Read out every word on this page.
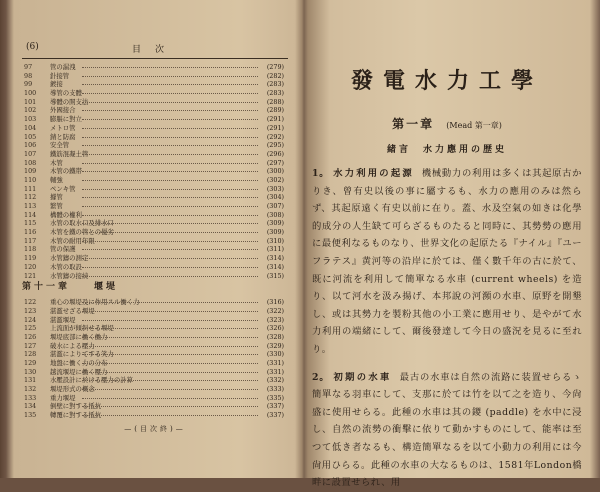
(6)	目次
97	管の漏洩	(279)
98	針接管	(282)
99	鍍接	(283)
100	導管の支體	(283)
101	導體の開支法	(288)
102	外國接合	(289)
103	膨脹に對立	(291)
104	メトロ管	(291)
105	錆と防腐	(292)
106	安全管	(295)
107	鐵筋混凝土管	(296)
108	木管	(297)
109	木管の鐵帯	(300)
110	輔強	(302)
111	ペンキ管	(303)
112	據管	(304)
113	繁管	(307)
114	構體の權利	(308)
115	水管の取水口及排水口	(309)
116	木管を鐵の管との優劣	(309)
117	木管の耐用年限	(310)
118	管の保護	(311)
119	水管鑄の測定	(314)
120	木管の取設	(314)
121	水管鑄の接続	(315)
第十一章	堰堤
122	重心の堰堤及に作用スル働く力	(316)
123	湛濫せざる堰堤	(322)
124	湛濫堰堤	(323)
125	上流面が傾斜せる堰堤	(326)
126	堰堤底部に働く働力	(328)
127	破水による壓力	(329)
128	湛濫によりてする笑力	(330)
129	地盤に働く力の分布	(331)
130	越流堰堤に働く壓力	(331)
131	水壓設計に於ける壓力の計算	(332)
132	堰堤形式の概念	(333)
133	重力堰堤	(335)
134	倒壁に對する抵抗	(337)
135	轉覆に對する抵抗	(337)
—(目次終)—
發電水力工學
第一章 (Mead 第一章)
緒言　水力應用の歴史
1。 水力利用の起源 機械動力の利用は多くは其起原古かりき、曾有史以後の事に屬するも、水力の應用のみは然らず、其起原遠く有史以前に在り。蓋、水及空氣の如きは化學的成分の人生缺て可らざるものたると同時に、其勢勢の應用に最便利なるものなり、世界文化の起原たる『ナイル』『ユーフラテス』黄河等の沿岸に於ては、僅く數千年の古に於て、既に河流を利用して簡單なる水車 (current wheels) を造り、以て河水を汲み揚げ、本邦說の河瀕の水車、原野を開墾し、或は其勢力を製粉其他の小工業に應用せり、是やがて水力利用の端緒にして、爾後發達して今日の盛況を見るに至れり。
2。 初期の水車 最古の水車は自然の流路に装置せらるゝ簡單なる羽車にして、支那に於ては竹を以て之を造り、今尙盛に使用せらる。此種の水車は其の鑁 (paddle) を水中に浸し、自然の流勢の衝擊に依りて動かすものにして、能率は至つて低き者なるも、構造簡單なるを以て小動力の利用には今尙用ひらる。此種の水車の大なるものは、1581年London橋畔に設置せられ、用
